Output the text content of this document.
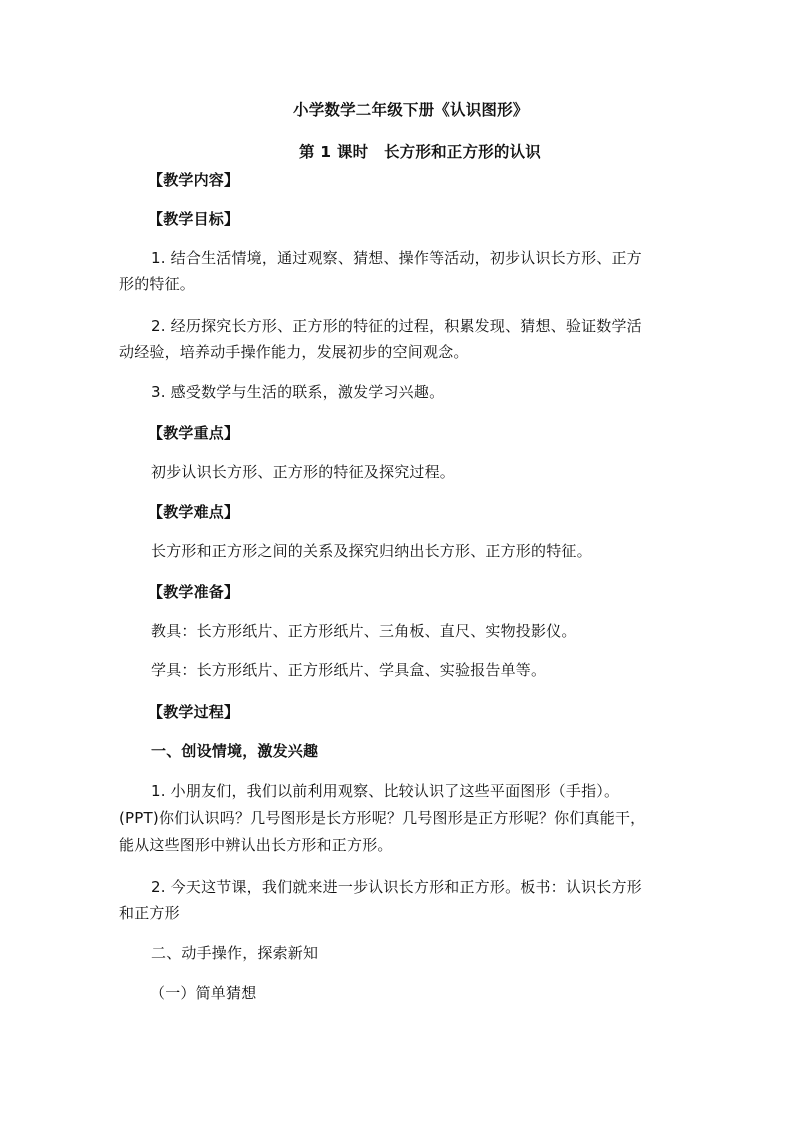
小学数学二年级下册《认识图形》
第 1 课时　长方形和正方形的认识
【教学内容】
【教学目标】
1. 结合生活情境，通过观察、猜想、操作等活动，初步认识长方形、正方
形的特征。
2. 经历探究长方形、正方形的特征的过程，积累发现、猜想、验证数学活
动经验，培养动手操作能力，发展初步的空间观念。
3. 感受数学与生活的联系，激发学习兴趣。
【教学重点】
初步认识长方形、正方形的特征及探究过程。
【教学难点】
长方形和正方形之间的关系及探究归纳出长方形、正方形的特征。
【教学准备】
教具：长方形纸片、正方形纸片、三角板、直尺、实物投影仪。
学具：长方形纸片、正方形纸片、学具盒、实验报告单等。
【教学过程】
一、创设情境，激发兴趣
1. 小朋友们，我们以前利用观察、比较认识了这些平面图形（手指）。
(PPT)你们认识吗？几号图形是长方形呢？几号图形是正方形呢？你们真能干，
能从这些图形中辨认出长方形和正方形。
2. 今天这节课，我们就来进一步认识长方形和正方形。板书：认识长方形
和正方形
二、动手操作，探索新知
（一）简单猜想
